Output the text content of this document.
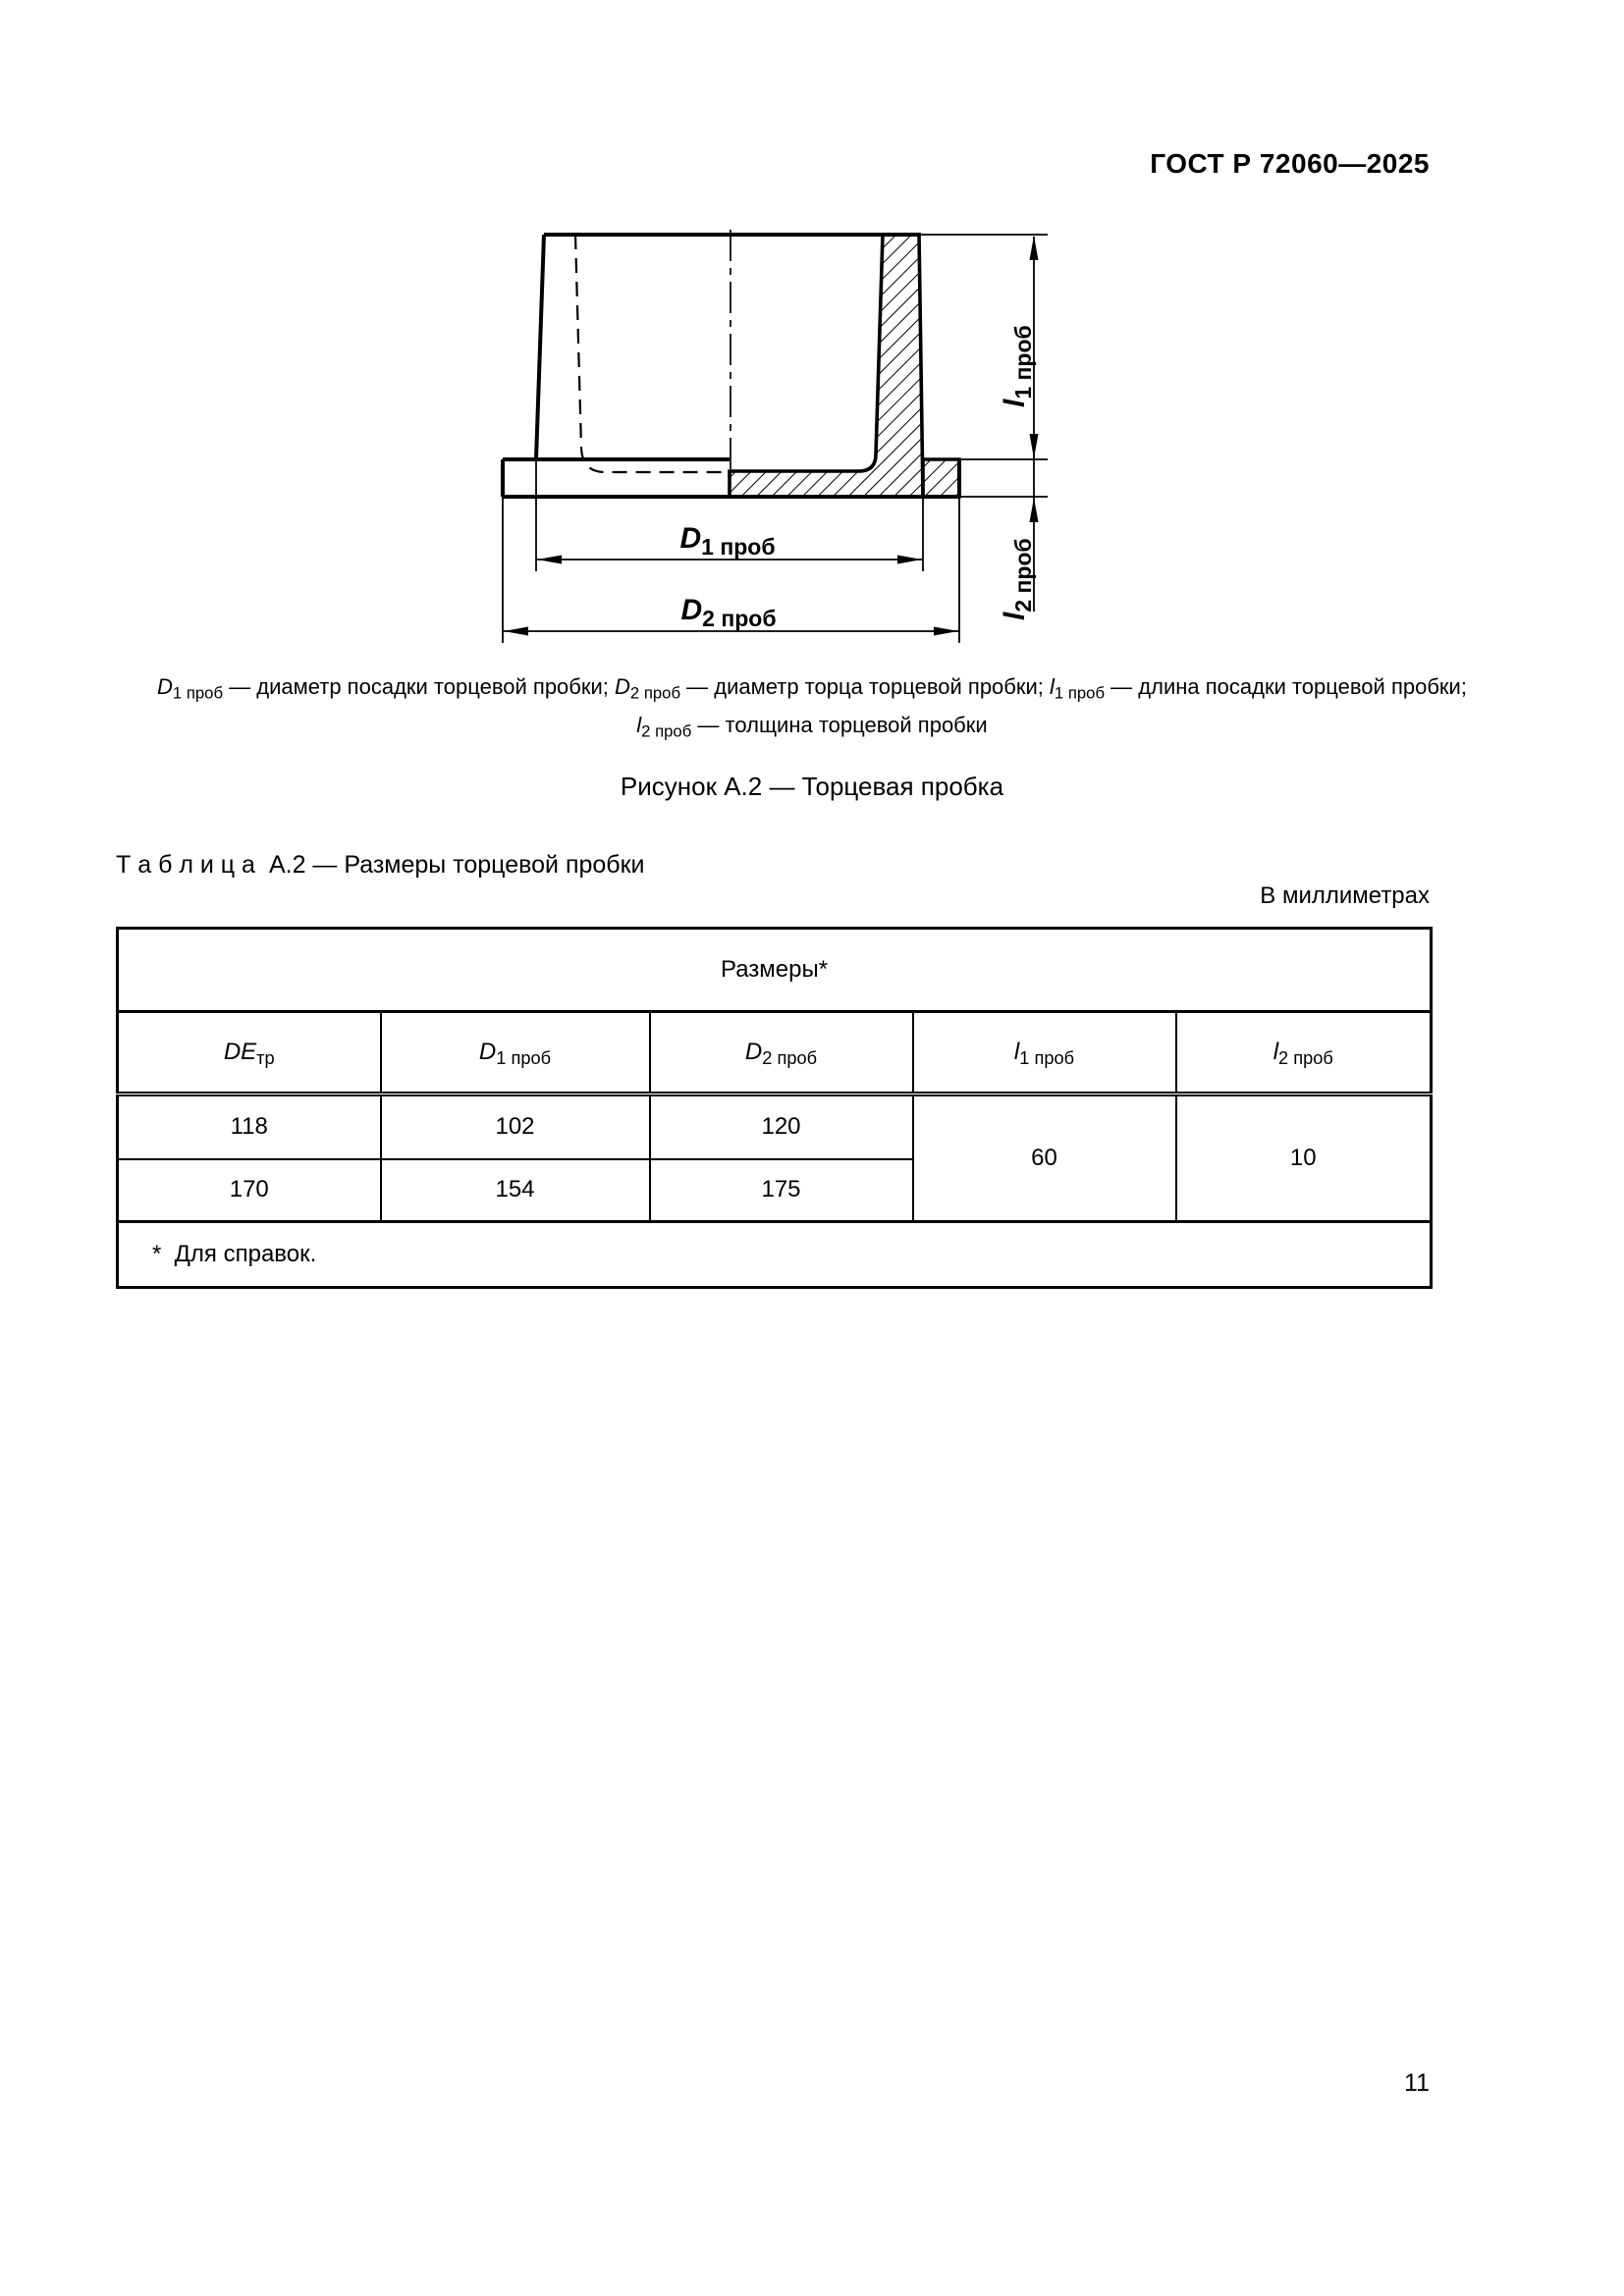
ГОСТ Р 72060—2025
$l_{1 проб}$
$l_{2 проб}$
$D_{1 проб}$
$D_{2 проб}$
$D_{1 проб}$ — диаметр посадки торцевой пробки; $D_{2 проб}$ — диаметр торца торцевой пробки; $l_{1 проб}$ — длина посадки торцевой пробки;
$l_{2 проб}$ — толщина торцевой пробки
Рисунок А.2 — Торцевая пробка
Т а б л и ц а А.2 — Размеры торцевой пробки
В миллиметрах
Размеры*				
$DE_{тр}$	$D_{1 проб}$	$D_{2 проб}$	$l_{1 проб}$	$l_{2 проб}$
118	102	120	60	10
170	154	175		
*  Для справок.				
11
